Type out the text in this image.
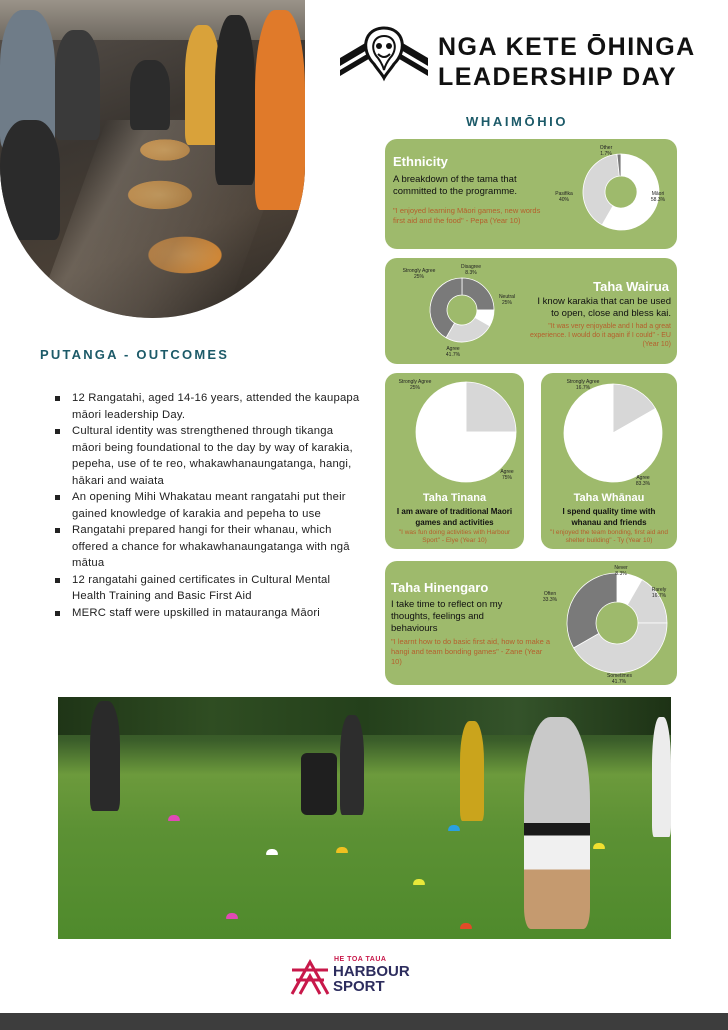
NGA KETE ŌHINGA
LEADERSHIP DAY
WHAIMŌHIO
Ethnicity
A breakdown of the tama that committed to the programme.
"I enjoyed learning Māori games, new words first aid and the food" - Pepa (Year 10)
Other 1.7%
Māori 58.3%
Pasifika 40%
Strongly Agree 25%
Disagree 8.3%
Neutral 25%
Agree 41.7%
Taha Wairua
I know karakia that can be used to open, close and bless kai.
"It was very enjoyable and I had a great experience. I would do it again if I could" - EU (Year 10)
Strongly Agree 25%
Agree 75%
Taha Tinana
I am aware of traditional Maori games and activities
"I was fun doing activities with Harbour Sport" - Elye (Year 10)
Strongly Agree 16.7%
Agree 83.3%
Taha Whānau
I spend quality time with whanau and friends
"I enjoyed the team bonding, first aid and shelter building" - Ty (Year 10)
Taha Hinengaro
I take time to reflect on my thoughts, feelings and behaviours
"I learnt how to do basic first aid, how to make a hangi and team bonding games" - Zane (Year 10)
Never 8.3%
Rarely 16.7%
Sometimes 41.7%
Often 33.3%
PUTANGA - OUTCOMES
12 Rangatahi, aged 14-16 years, attended the kaupapa māori leadership Day.
Cultural identity was strengthened through tikanga māori being foundational to the day by way of karakia, pepeha, use of te reo, whakawhanaungatanga, hangi, hākari and waiata
An opening Mihi Whakatau meant rangatahi put their gained knowledge of karakia and pepeha to use
Rangatahi prepared hangi for their whanau, which offered a chance for whakawhanaungatanga with ngā mātua
12 rangatahi gained certificates in Cultural Mental Health Training and Basic First Aid
MERC staff were upskilled in matauranga Māori
HE TOA TAUA
HARBOUR
SPORT
